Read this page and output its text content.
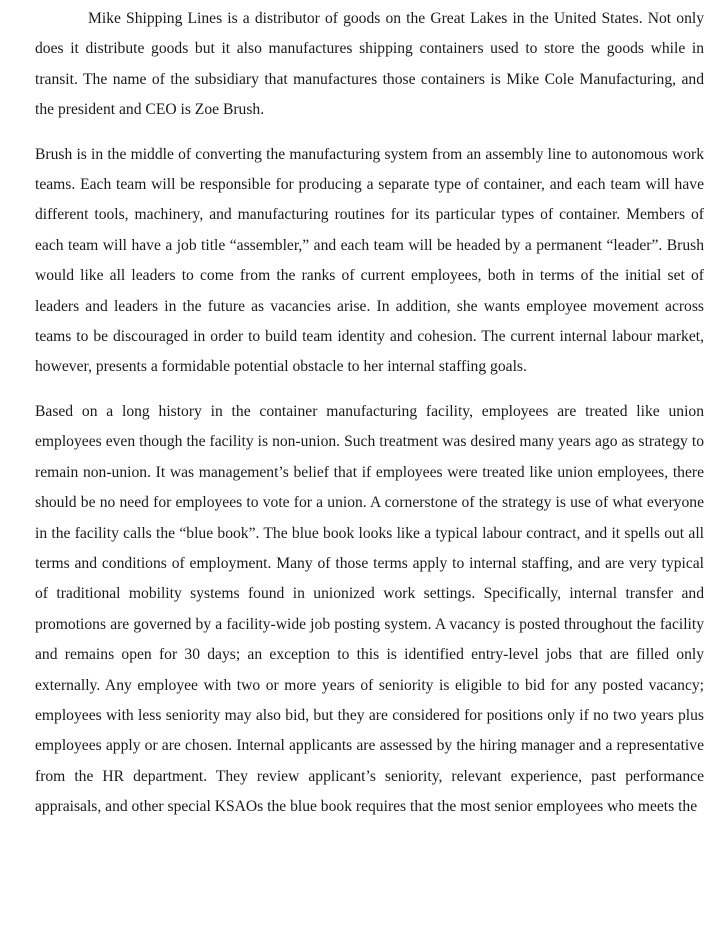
Mike Shipping Lines is a distributor of goods on the Great Lakes in the United States. Not only does it distribute goods but it also manufactures shipping containers used to store the goods while in transit. The name of the subsidiary that manufactures those containers is Mike Cole Manufacturing, and the president and CEO is Zoe Brush.

Brush is in the middle of converting the manufacturing system from an assembly line to autonomous work teams. Each team will be responsible for producing a separate type of container, and each team will have different tools, machinery, and manufacturing routines for its particular types of container. Members of each team will have a job title “assembler,” and each team will be headed by a permanent “leader”. Brush would like all leaders to come from the ranks of current employees, both in terms of the initial set of leaders and leaders in the future as vacancies arise. In addition, she wants employee movement across teams to be discouraged in order to build team identity and cohesion. The current internal labour market, however, presents a formidable potential obstacle to her internal staffing goals.

Based on a long history in the container manufacturing facility, employees are treated like union employees even though the facility is non-union. Such treatment was desired many years ago as strategy to remain non-union. It was management’s belief that if employees were treated like union employees, there should be no need for employees to vote for a union. A cornerstone of the strategy is use of what everyone in the facility calls the “blue book”. The blue book looks like a typical labour contract, and it spells out all terms and conditions of employment. Many of those terms apply to internal staffing, and are very typical of traditional mobility systems found in unionized work settings. Specifically, internal transfer and promotions are governed by a facility-wide job posting system. A vacancy is posted throughout the facility and remains open for 30 days; an exception to this is identified entry-level jobs that are filled only externally. Any employee with two or more years of seniority is eligible to bid for any posted vacancy; employees with less seniority may also bid, but they are considered for positions only if no two years plus employees apply or are chosen. Internal applicants are assessed by the hiring manager and a representative from the HR department. They review applicant’s seniority, relevant experience, past performance appraisals, and other special KSAOs the blue book requires that the most senior employees who meets the
